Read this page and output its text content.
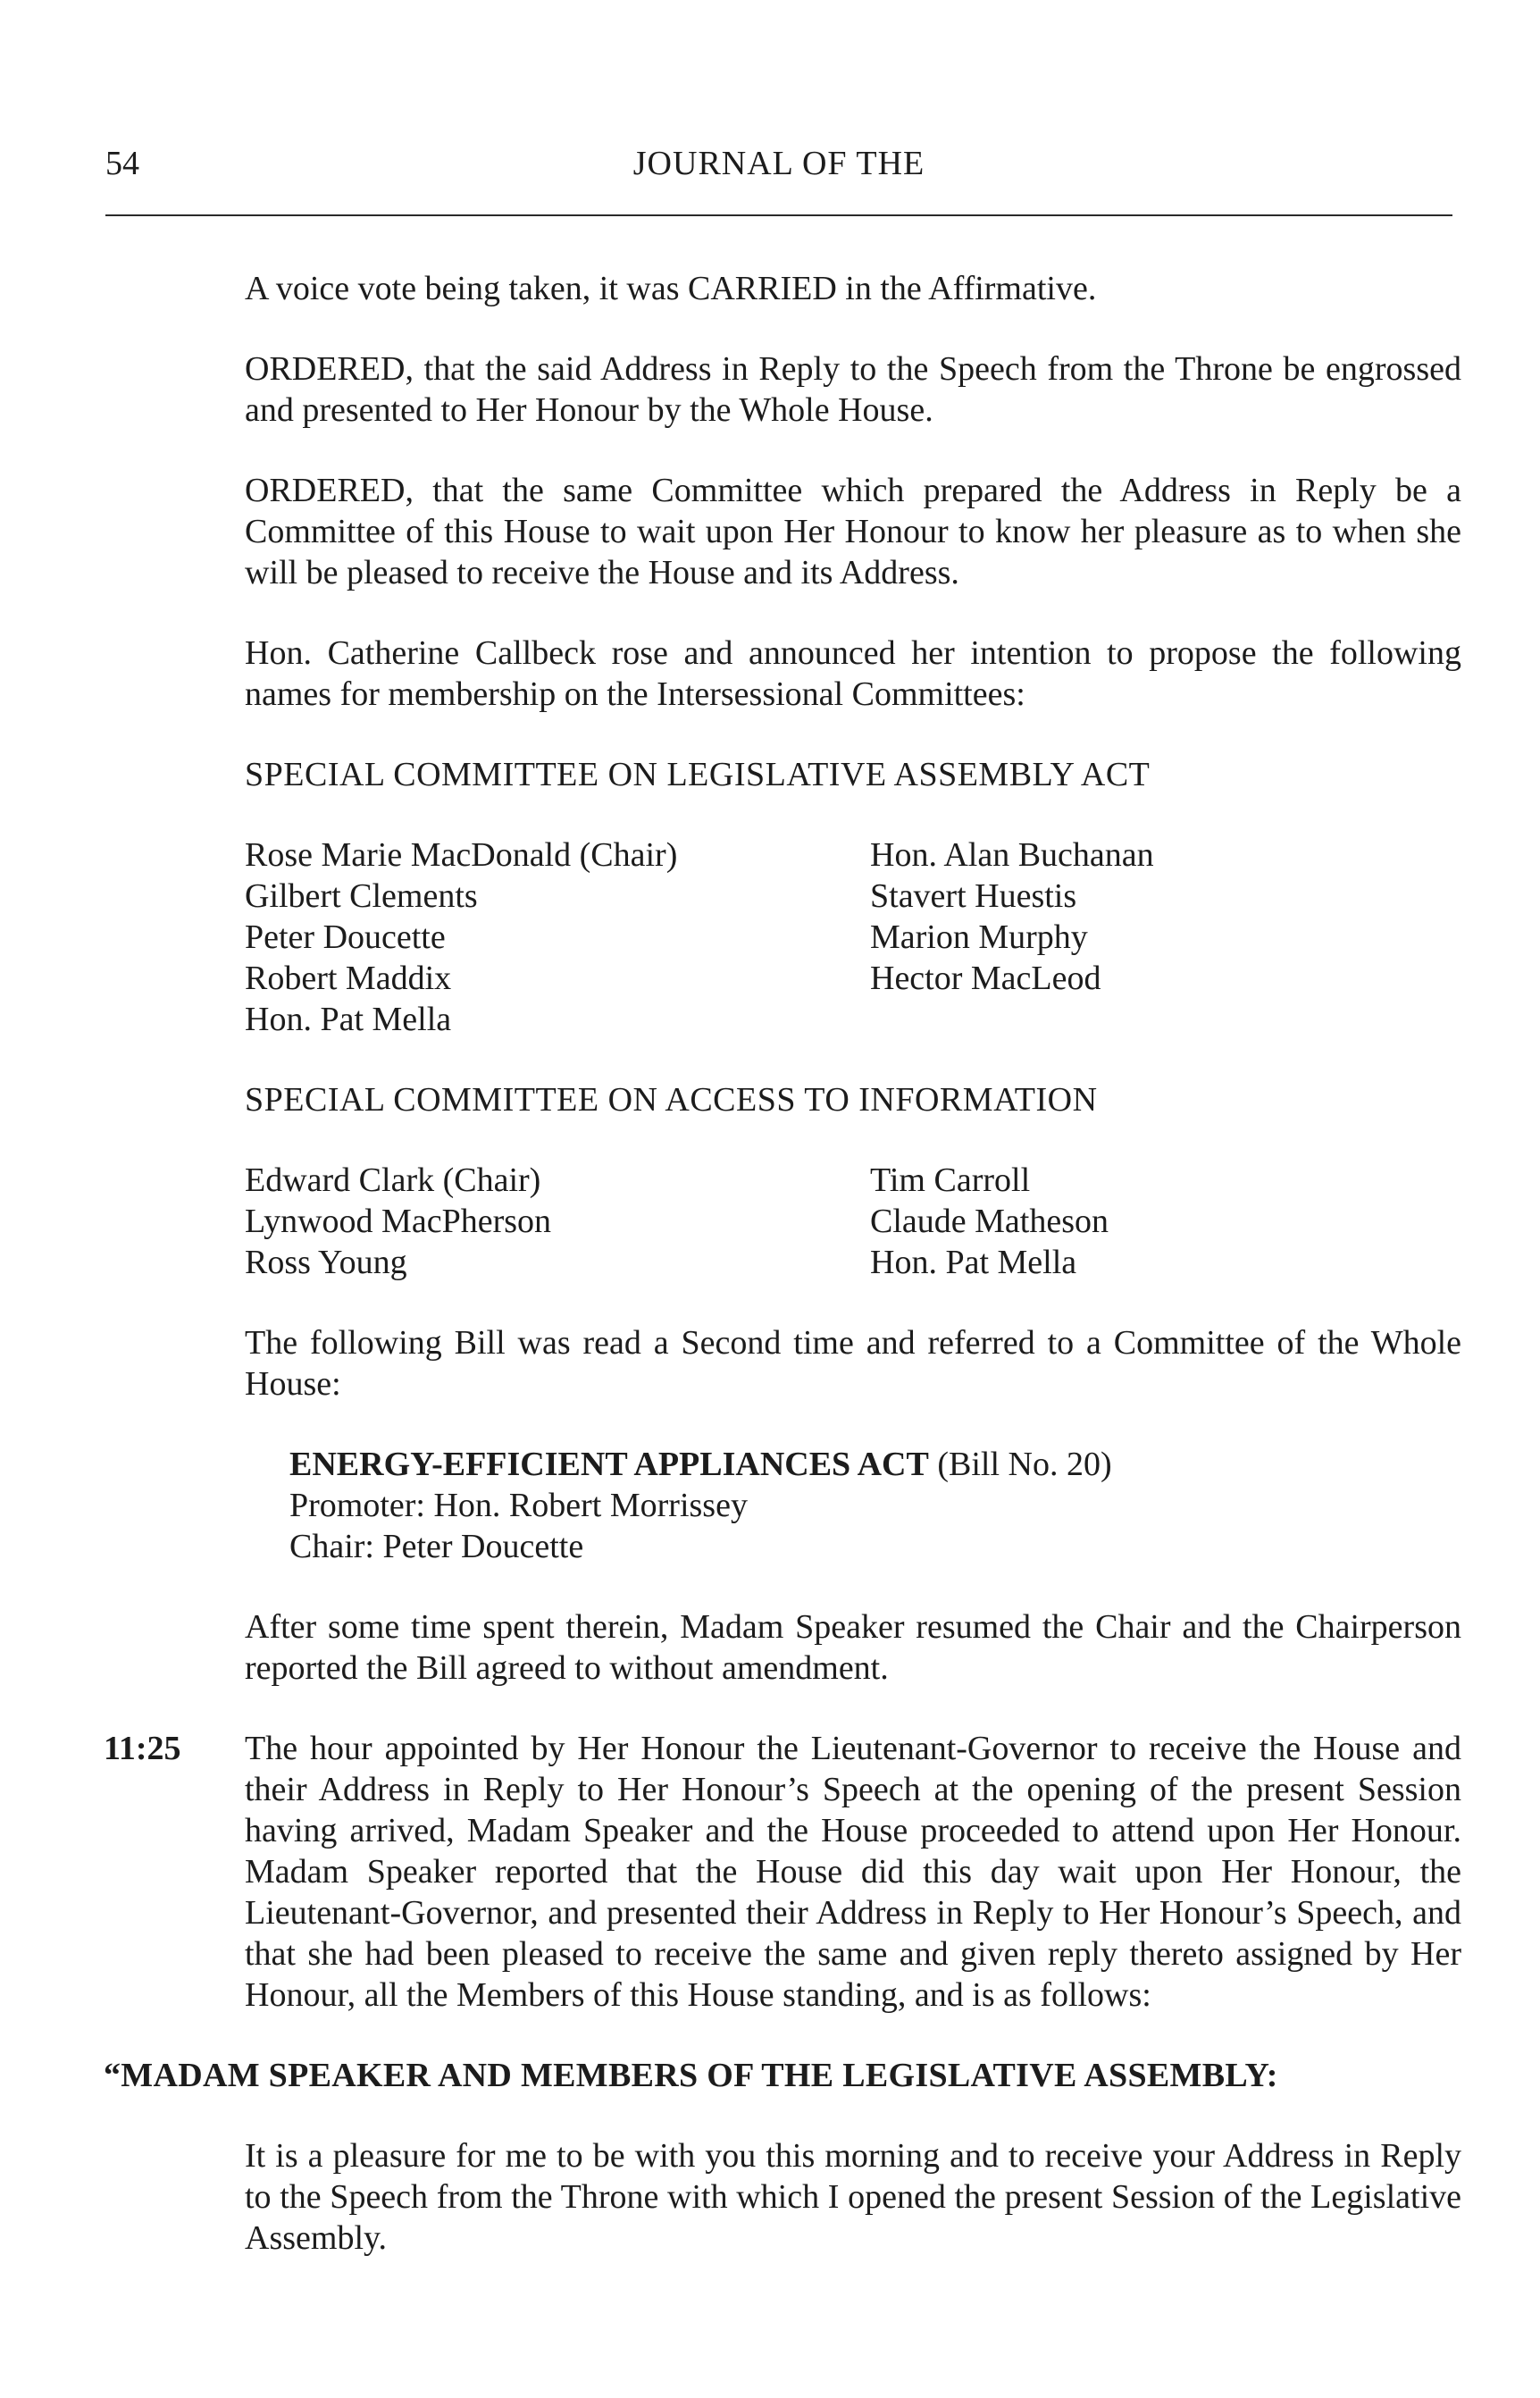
54	JOURNAL OF THE

A voice vote being taken, it was CARRIED in the Affirmative.

ORDERED, that the said Address in Reply to the Speech from the Throne be engrossed and presented to Her Honour by the Whole House.

ORDERED, that the same Committee which prepared the Address in Reply be a Committee of this House to wait upon Her Honour to know her pleasure as to when she will be pleased to receive the House and its Address.

Hon. Catherine Callbeck rose and announced her intention to propose the following names for membership on the Intersessional Committees:

SPECIAL COMMITTEE ON LEGISLATIVE ASSEMBLY ACT
Rose Marie MacDonald (Chair)
Gilbert Clements
Peter Doucette
Robert Maddix
Hon. Pat Mella
Hon. Alan Buchanan
Stavert Huestis
Marion Murphy
Hector MacLeod
SPECIAL COMMITTEE ON ACCESS TO INFORMATION
Edward Clark (Chair)
Lynwood MacPherson
Ross Young
Tim Carroll
Claude Matheson
Hon. Pat Mella

The following Bill was read a Second time and referred to a Committee of the Whole House:

ENERGY-EFFICIENT APPLIANCES ACT (Bill No. 20)
Promoter: Hon. Robert Morrissey
Chair: Peter Doucette

After some time spent therein, Madam Speaker resumed the Chair and the Chairperson reported the Bill agreed to without amendment.

11:25 The hour appointed by Her Honour the Lieutenant-Governor to receive the House and their Address in Reply to Her Honour’s Speech at the opening of the present Session having arrived, Madam Speaker and the House proceeded to attend upon Her Honour. Madam Speaker reported that the House did this day wait upon Her Honour, the Lieutenant-Governor, and presented their Address in Reply to Her Honour’s Speech, and that she had been pleased to receive the same and given reply thereto assigned by Her Honour, all the Members of this House standing, and is as follows:

“MADAM SPEAKER AND MEMBERS OF THE LEGISLATIVE ASSEMBLY:

It is a pleasure for me to be with you this morning and to receive your Address in Reply to the Speech from the Throne with which I opened the present Session of the Legislative Assembly.
